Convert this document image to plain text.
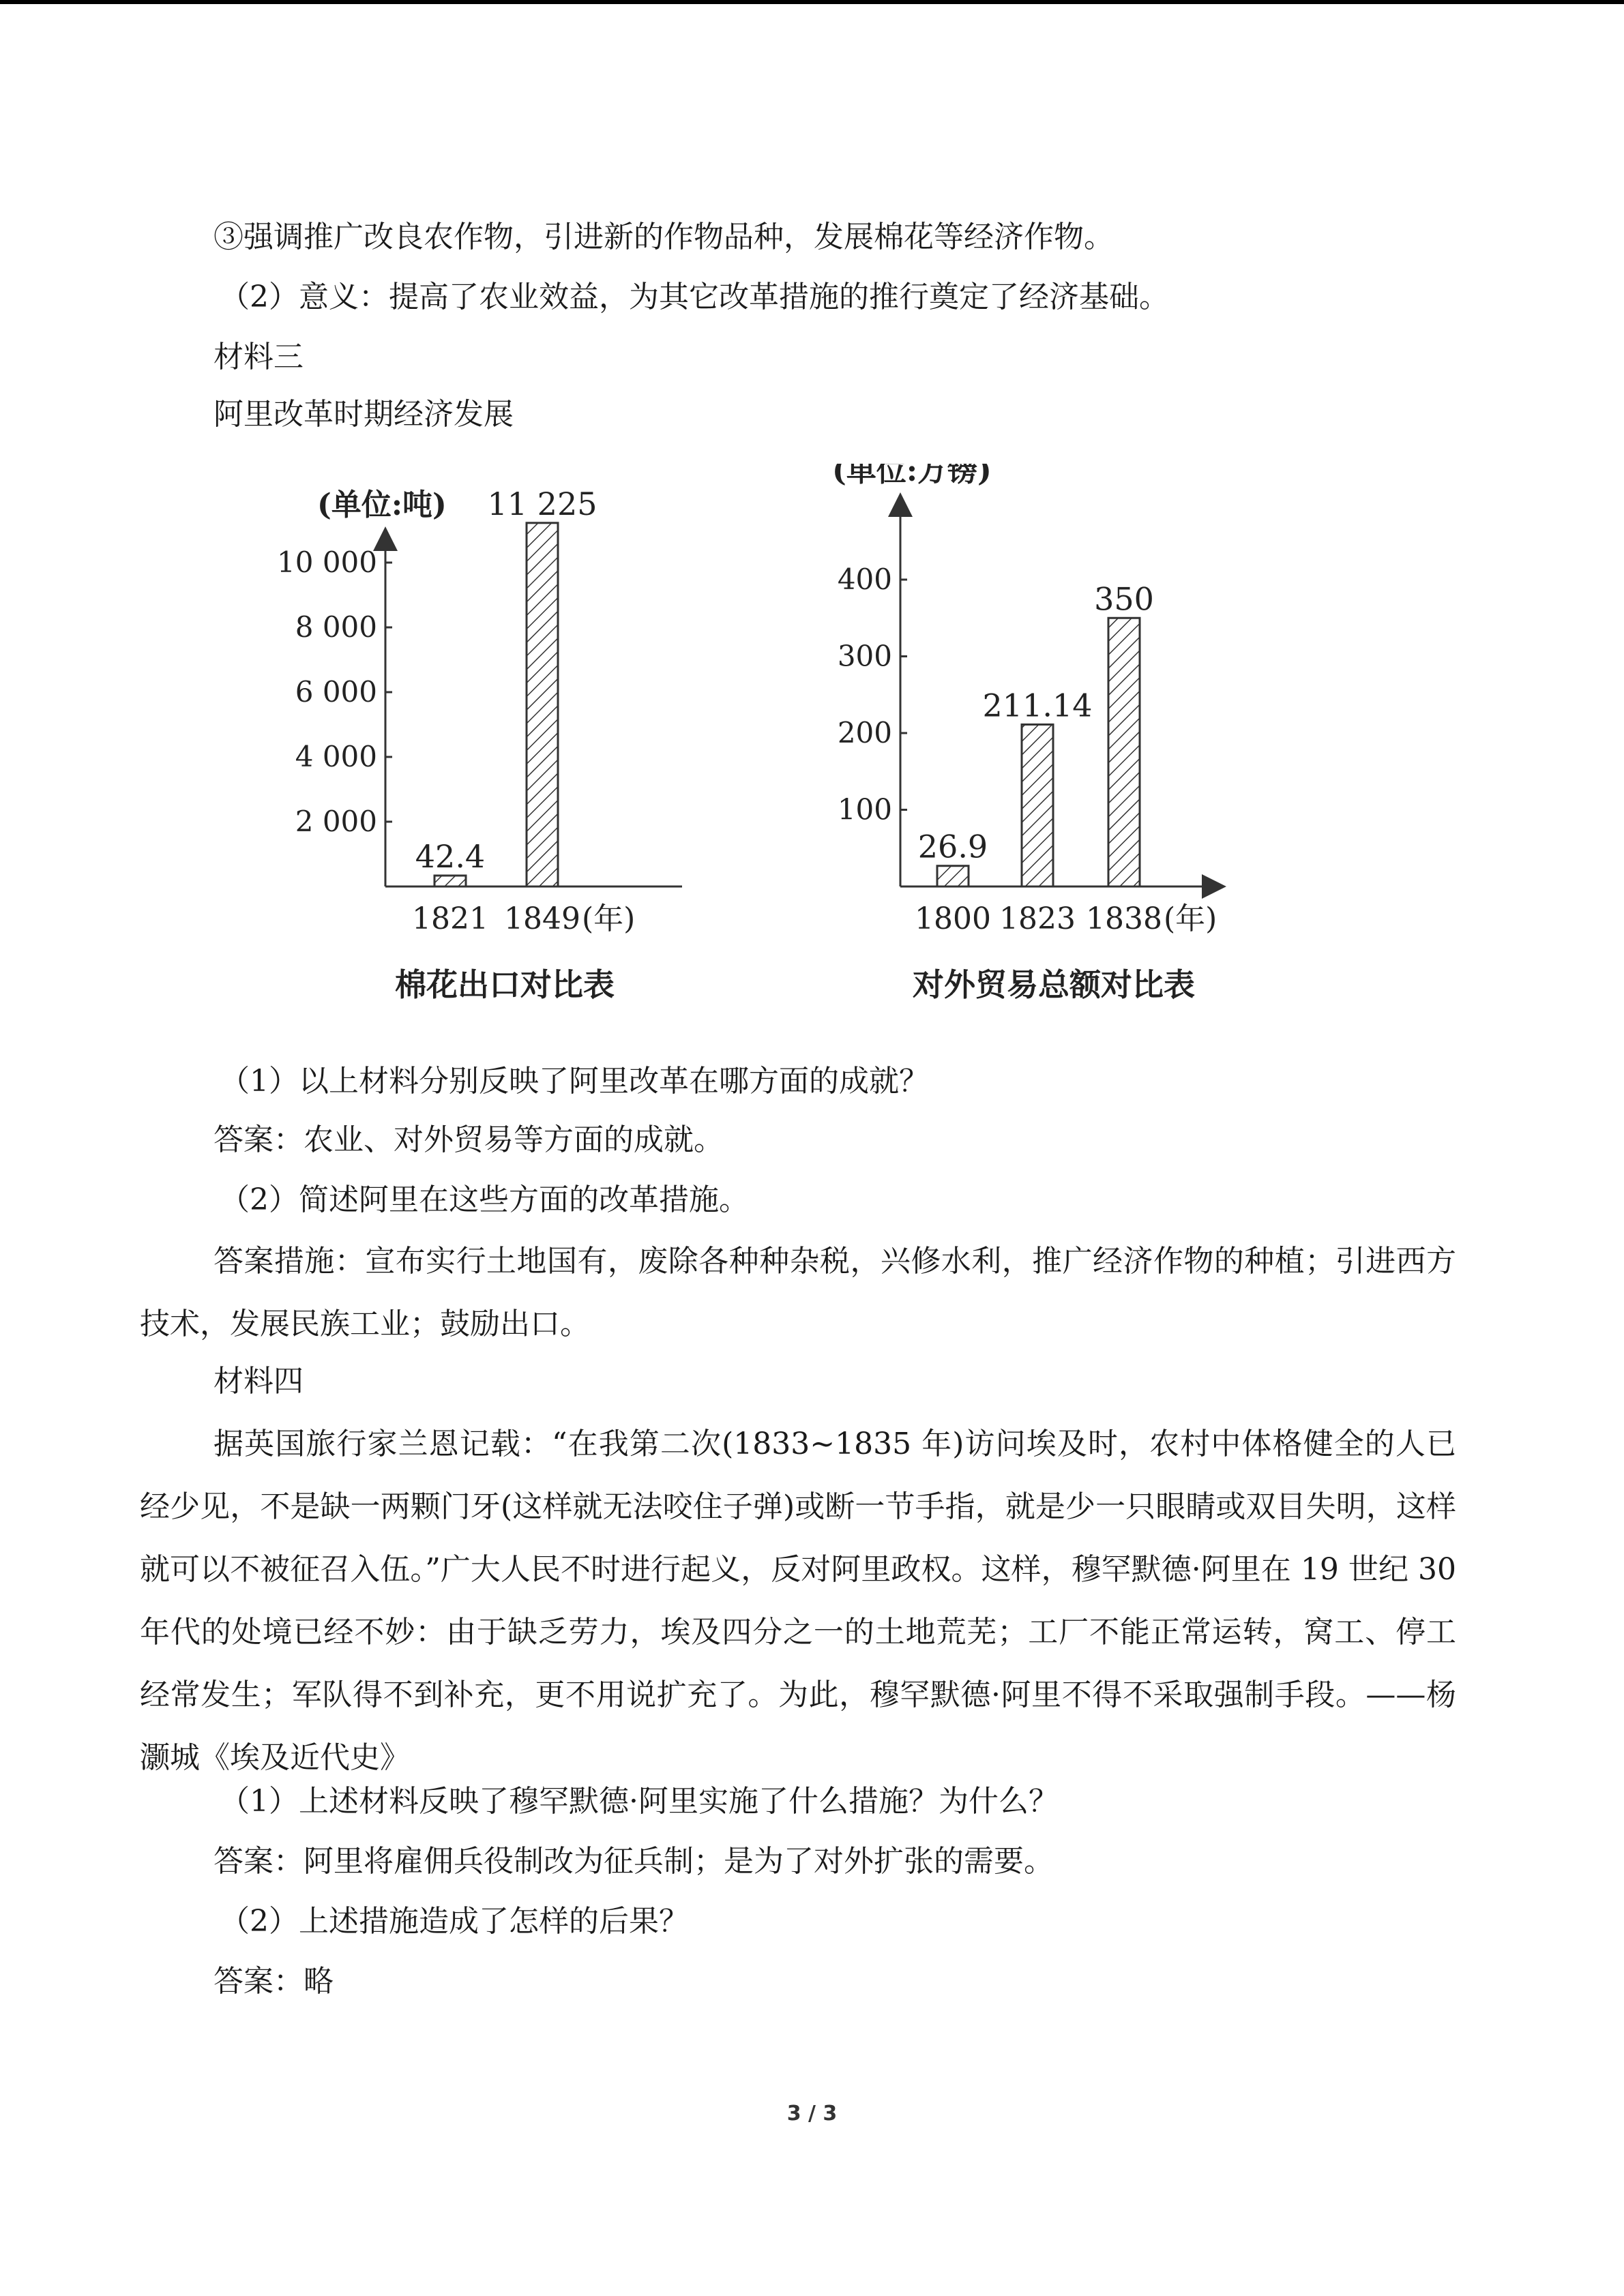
③强调推广改良农作物，引进新的作物品种，发展棉花等经济作物。
（2）意义：提高了农业效益，为其它改革措施的推行奠定了经济基础。
材料三
阿里改革时期经济发展
(单位:吨)
2 000
4 000
6 000
8 000
10 000
42.4
1821
11 225
1849 (年)
棉花出口对比表
(单位:万镑)
100
200
300
400
26.9
1800
211.14
1823
350
1838 (年)
对外贸易总额对比表
（1）以上材料分别反映了阿里改革在哪方面的成就？
答案：农业、对外贸易等方面的成就。
（2）简述阿里在这些方面的改革措施。
答案措施：宣布实行土地国有，废除各种种杂税，兴修水利，推广经济作物的种植；引进西方技术，发展民族工业；鼓励出口。
材料四
据英国旅行家兰恩记载：“在我第二次(1833~1835 年)访问埃及时，农村中体格健全的人已经少见，不是缺一两颗门牙(这样就无法咬住子弹)或断一节手指，就是少一只眼睛或双目失明，这样就可以不被征召入伍。”广大人民不时进行起义，反对阿里政权。这样，穆罕默德·阿里在 19 世纪 30 年代的处境已经不妙：由于缺乏劳力，埃及四分之一的土地荒芜；工厂不能正常运转，窝工、停工经常发生；军队得不到补充，更不用说扩充了。为此，穆罕默德·阿里不得不采取强制手段。——杨灏城《埃及近代史》
（1）上述材料反映了穆罕默德·阿里实施了什么措施？为什么？
答案：阿里将雇佣兵役制改为征兵制；是为了对外扩张的需要。
（2）上述措施造成了怎样的后果？
答案：略
3 / 3
